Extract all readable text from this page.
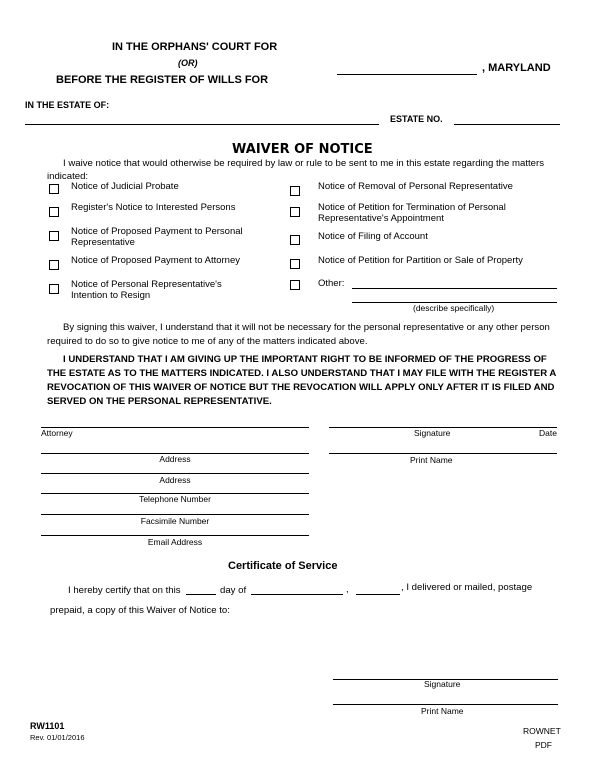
IN THE ORPHANS' COURT FOR
(OR)
BEFORE THE REGISTER OF WILLS FOR
, MARYLAND
IN THE ESTATE OF:
ESTATE NO.
WAIVER OF NOTICE
I waive notice that would otherwise be required by law or rule to be sent to me in this estate regarding the matters indicated:
Notice of Judicial Probate
Register's Notice to Interested Persons
Notice of Proposed Payment to Personal Representative
Notice of Proposed Payment to Attorney
Notice of Personal Representative's Intention to Resign
Notice of Removal of Personal Representative
Notice of Petition for Termination of Personal Representative's Appointment
Notice of Filing of Account
Notice of Petition for Partition or Sale of Property
Other:
(describe specifically)
By signing this waiver, I understand that it will not be necessary for the personal representative or any other person required to do so to give notice to me of any of the matters indicated above.
I UNDERSTAND THAT I AM GIVING UP THE IMPORTANT RIGHT TO BE INFORMED OF THE PROGRESS OF THE ESTATE AS TO THE MATTERS INDICATED. I ALSO UNDERSTAND THAT I MAY FILE WITH THE REGISTER A REVOCATION OF THIS WAIVER OF NOTICE BUT THE REVOCATION WILL APPLY ONLY AFTER IT IS FILED AND SERVED ON THE PERSONAL REPRESENTATIVE.
Attorney	Signature	Date
Address	Print Name
Address
Telephone Number
Facsimile Number
Email Address
Certificate of Service
I hereby certify that on this	day of	,	, I delivered or mailed, postage
prepaid, a copy of this Waiver of Notice to:
Signature
Print Name
RW1101
Rev. 01/01/2016
ROWNET
PDF
